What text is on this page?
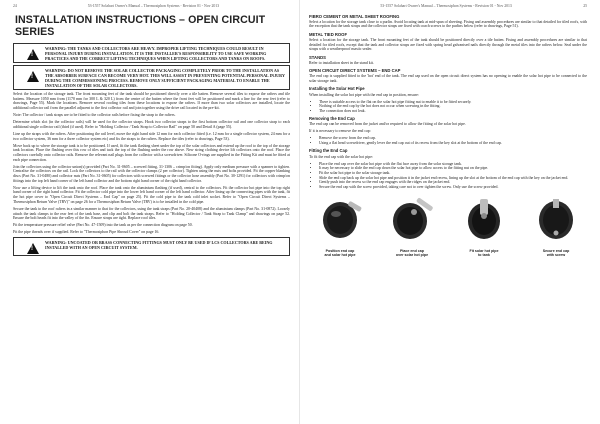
24	53-1557 Solahart Owner's Manual – Thermosiphon Systems - Revision 01 - Nov 2013
INSTALLATION INSTRUCTIONS – OPEN CIRCUIT SERIES
!
WARNING: THE TANKS AND COLLECTORS ARE HEAVY. IMPROPER LIFTING TECHNIQUES COULD RESULT IN PERSONAL INJURY DURING INSTALLATION. IT IS THE INSTALLER'S RESPONSIBILITY TO USE SAFE WORKING PRACTICES AND THE CORRECT LIFTING TECHNIQUES WHEN LIFTING COLLECTORS AND TANKS ON ROOFS.
!
WARNING: DO NOT REMOVE THE SOLAR COLLECTOR PACKAGING COMPLETELY PRIOR TO THE INSTALLATION AS THE ABSORBER SURFACE CAN BECOME VERY HOT. THIS WILL ASSIST IN PREVENTING POTENTIAL PERSONAL INJURY DURING THE COMMISSIONING PROCESS. REMOVE ONLY SUFFICIENT PACKAGING MATERIAL TO ENABLE THE INSTALLATION OF THE SOLAR COLLECTORS.

Select the location of the storage tank. The front mounting feet of the tank should be positioned directly over a tile batten. Remove several tiles to expose the rafters and tile battens. Measure 1050 mm from (1170 mm for 300 L & 320 L) from the centre of the batten where the front feet will be positioned and mark a line for the rear feet (refer to drawings, Page 55). Mark the locations. Remove several roofing tiles from these locations to expose the rafters. If more than two solar collectors are installed, locate the additional collector rail from the parallel adjacent to the first collector rail and join together using the drive rail located in the pre-kit.

Note: The collector / tank straps are to be fitted to the collector rails before fixing the strap to the rafters.

Determine which slot (in the collector rails) will be used for the collector straps. Hook two collector straps to the first bottom collector rail and one collector strap to each additional single collector rail (third (if used). Refer to "Holding Collector / Tank Strap to Collector Rail" on page 50 and Detail A (page 55).

Line up the straps with the rafters. After positioning the rail level, move the right hand side 12 mm for each collector fitted (i.e. 12 mm for a single collector system, 24 mm for a two collector system, 36 mm for a three collector system etc) and fix the straps to the rafters. Replace the tiles (refer to drawings, Page 53).

Move back up to where the storage tank is to be positioned. If used, fit the tank flashing sheet under the top of the solar collectors and extend up the roof to the top of the storage tank location. Place the flashing over this row of tiles and tuck the top of the flashing under the row above. New string clothing device lift collectors onto the roof. Place the collectors carefully onto collector rails. Remove the relevant nail plugs from the collector with a screwdriver. Silicone O-rings are supplied in the Fitting Kit and must be fitted at each pipe connection.

Join the collectors using the collector union(s) provided (Part No. 31-0605 – screwed fitting, 31-1306 – crimp/on fitting). Apply only medium pressure with a spanner to tighten. Centralise the collectors on the rail. Lock the collectors to the rail with the collector clamps (2 per collector). Tighten using the nuts and bolts provided. Fit the copper blanking discs (Part No. 31-0480) and collector nuts (Part No. 31-0605) for collectors with screwed fittings or the collector hose assembly (Part No. 30-1291) for collectors with crimp/on fittings into the top left hand corner of the left hand collector and the bottom right hand corner of the right hand collector.

Now use a lifting device to lift the tank onto the roof. Place the tank onto the aluminium flashing (if used), central to the collectors. Fit the collector hot pipe into the top right hand corner of the right hand collector. Fit the collector cold pipe into the lower left hand corner of the left hand collector. After lining up the connecting pipes with the tank, fit the hot pipe cover to "Open Circuit Direct Systems – End Cap" on page 25). Fit the cold pipe to the tank cold inlet socket. Refer to "Open Circuit Direct Systems – Thermosiphon Return Valve (TRV)" on page 26 for a Thermosiphon Return Valve (TRV) is to be installed in the cold pipe.

Secure the tank to the roof rafters in a similar manner to that for the collectors, using the tank straps (Part No. 20-40408) and the aluminium clamps (Part No. 31-0872). Loosely attach the tank clamps to the rear feet of the tank base, and clip and bolt the tank straps. Refer to "Holding Collector / Tank Strap to Tank Clamp" and drawings on page 52. Ensure the bolt heads fit into the valley of the fin. Ensure straps are tight. Replace roof tiles.

Fit the temperature pressure relief valve (Part No. 47-1509) into the tank as per the connection diagram on page 50.

Fit the pipe threads over if supplied. Refer to "Thermosiphon Pipe Shroud Cover" on page 16.

!
WARNING: UNCOATED OR BRASS CONNECTING FITTINGS MUST ONLY BE USED IF LCS COLLECTORS ARE BEING INSTALLED WITH AN OPEN CIRCUIT SYSTEM.
53-1557 Solahart Owner's Manual – Thermosiphon Systems - Revision 01 - Nov 2013	25
FIBRO CEMENT OR METAL SHEET ROOFING

Select a location for the storage tank close to a purlin. Avoid locating tank at mid-span of sheeting. Fixing and assembly procedures are similar to that detailed for tiled roofs, with the exception that the tank straps and the collector straps are fixed with coach screws to the purlins below (refer to drawings, Page 51).

METAL TIED ROOF

Select a location for the storage tank. The front mounting feet of the tank should be positioned directly over a tile batten. Fixing and assembly procedures are similar to that detailed for tiled roofs, except that the tank and collector straps are fixed with spring head galvanised nails directly through the metal tiles into the rafters below. Seal under the straps with a weatherproof mastic sealer.

STANDS

Refer to installation sheet in the stand kit.

OPEN CIRCUIT DIRECT SYSTEMS – END CAP

The end cap is supplied fitted to the 'hot' end of the tank. The end cap used on the open circuit direct system has no opening to enable the solar hot pipe to be connected to the solar storage tank.

Installing the Solar Hot Pipe

When installing the solar hot pipe with the end cap in position, ensure:

• There is suitable access to the flat on the solar hot pipe fitting nut to enable it to be fitted securely.
• Nothing of the end cap by the hot does not occur when screwing in the fitting.
• The connection does not leak.
Removing the End Cap

The end cap can be removed from the jacket and/or required to allow the fitting of the solar hot pipe.

If it is necessary to remove the end cap:

• Remove the screw from the end cap.
• Using a flat head screwdriver, gently lever the end cap out of its recess from the key slot at the bottom of the end cap.
Fitting the End Cap

To fit the end cap with the solar hot pipe:

• Place the end cap over the solar hot pipe with the flat face away from the solar storage tank.
• It may be necessary to slide the end cap down the solar hot pipe to allow access to the fitting nut on the pipe.
• Fit the solar hot pipe to the solar storage tank.
• Slide the end cap back up the solar hot pipe and position it in the jacket end recess, lining up the slot at the bottom of the end cap with the key on the jacket end.
• Gently push into the recess so the end cap engages with the ridges on the jacket end.
• Secure the end cap with the screw provided, taking care not to over tighten the screw. Only use the screw provided.
Position end cap
and solar hot pipe
Place end cap
over solar hot pipe
Fit solar hot pipe
to tank
Secure end cap
with screw
